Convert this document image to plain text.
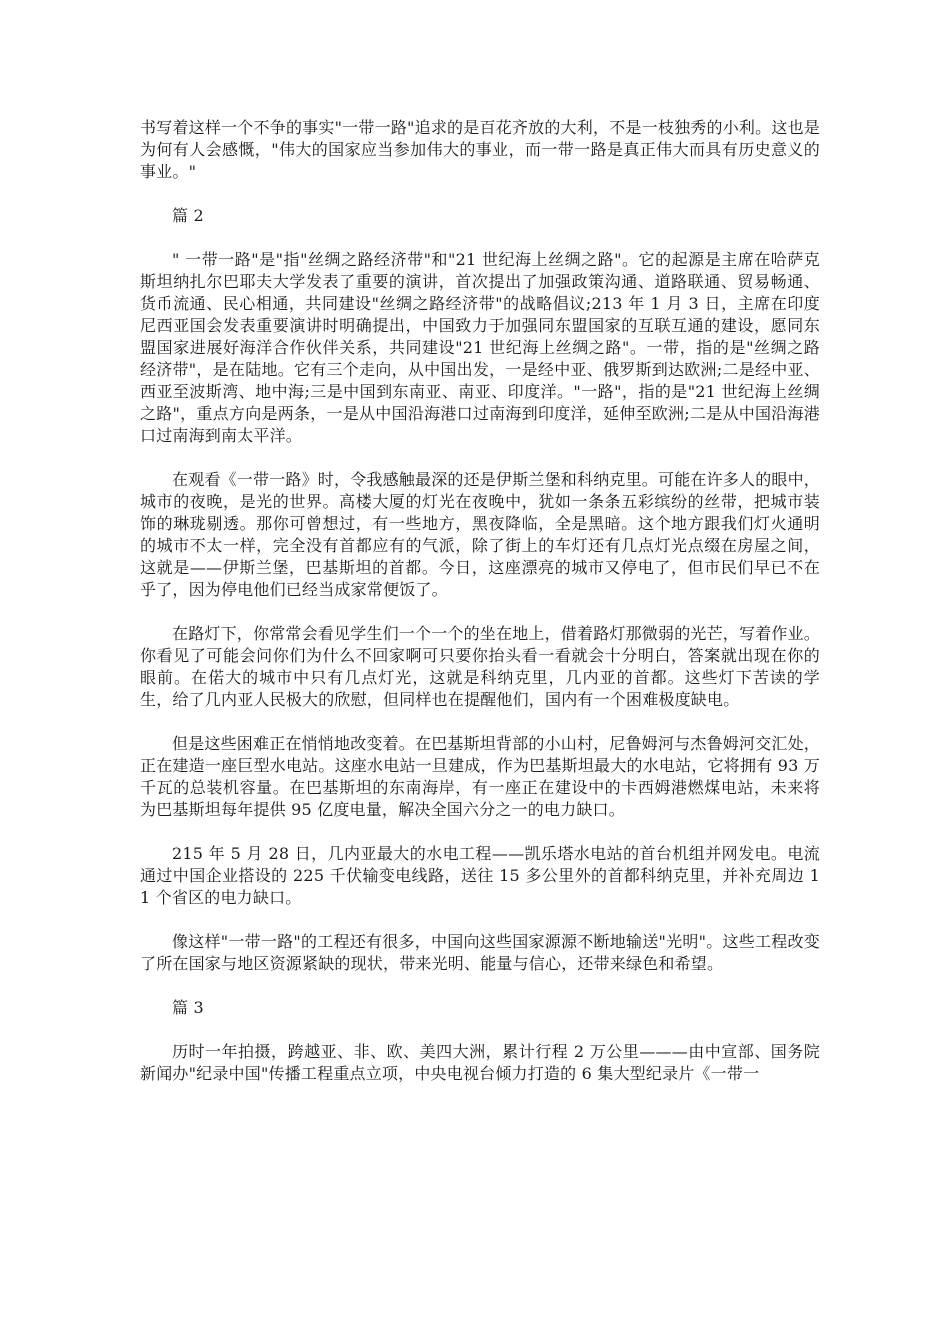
书写着这样一个不争的事实"一带一路"追求的是百花齐放的大利，不是一枝独秀的小利。这也是为何有人会感慨，"伟大的国家应当参加伟大的事业，而一带一路是真正伟大而具有历史意义的事业。"

篇 2

" 一带一路"是"指"丝绸之路经济带"和"21 世纪海上丝绸之路"。它的起源是主席在哈萨克斯坦纳扎尔巴耶夫大学发表了重要的演讲，首次提出了加强政策沟通、道路联通、贸易畅通、货币流通、民心相通，共同建设"丝绸之路经济带"的战略倡议;213 年 1 月 3 日，主席在印度尼西亚国会发表重要演讲时明确提出，中国致力于加强同东盟国家的互联互通的建设，愿同东盟国家进展好海洋合作伙伴关系，共同建设"21 世纪海上丝绸之路"。一带，指的是"丝绸之路经济带"，是在陆地。它有三个走向，从中国出发，一是经中亚、俄罗斯到达欧洲;二是经中亚、西亚至波斯湾、地中海;三是中国到东南亚、南亚、印度洋。"一路"，指的是"21 世纪海上丝绸之路"，重点方向是两条，一是从中国沿海港口过南海到印度洋，延伸至欧洲;二是从中国沿海港口过南海到南太平洋。

在观看《一带一路》时，令我感触最深的还是伊斯兰堡和科纳克里。可能在许多人的眼中，城市的夜晚，是光的世界。高楼大厦的灯光在夜晚中，犹如一条条五彩缤纷的丝带，把城市装饰的琳珑剔透。那你可曾想过，有一些地方，黑夜降临，全是黑暗。这个地方跟我们灯火通明的城市不太一样，完全没有首都应有的气派，除了街上的车灯还有几点灯光点缀在房屋之间，这就是——伊斯兰堡，巴基斯坦的首都。今日，这座漂亮的城市又停电了，但市民们早已不在乎了，因为停电他们已经当成家常便饭了。

在路灯下，你常常会看见学生们一个一个的坐在地上，借着路灯那微弱的光芒，写着作业。你看见了可能会问你们为什么不回家啊可只要你抬头看一看就会十分明白，答案就出现在你的眼前。在偌大的城市中只有几点灯光，这就是科纳克里，几内亚的首都。这些灯下苦读的学生，给了几内亚人民极大的欣慰，但同样也在提醒他们，国内有一个困难极度缺电。

但是这些困难正在悄悄地改变着。在巴基斯坦背部的小山村，尼鲁姆河与杰鲁姆河交汇处，正在建造一座巨型水电站。这座水电站一旦建成，作为巴基斯坦最大的水电站，它将拥有 93 万千瓦的总装机容量。在巴基斯坦的东南海岸，有一座正在建设中的卡西姆港燃煤电站，未来将为巴基斯坦每年提供 95 亿度电量，解决全国六分之一的电力缺口。

215 年 5 月 28 日，几内亚最大的水电工程——凯乐塔水电站的首台机组并网发电。电流通过中国企业搭设的 225 千伏输变电线路，送往 15 多公里外的首都科纳克里，并补充周边 11 个省区的电力缺口。

像这样"一带一路"的工程还有很多，中国向这些国家源源不断地输送"光明"。这些工程改变了所在国家与地区资源紧缺的现状，带来光明、能量与信心，还带来绿色和希望。

篇 3

历时一年拍摄，跨越亚、非、欧、美四大洲，累计行程 2 万公里———由中宣部、国务院新闻办"纪录中国"传播工程重点立项，中央电视台倾力打造的 6 集大型纪录片《一带一
